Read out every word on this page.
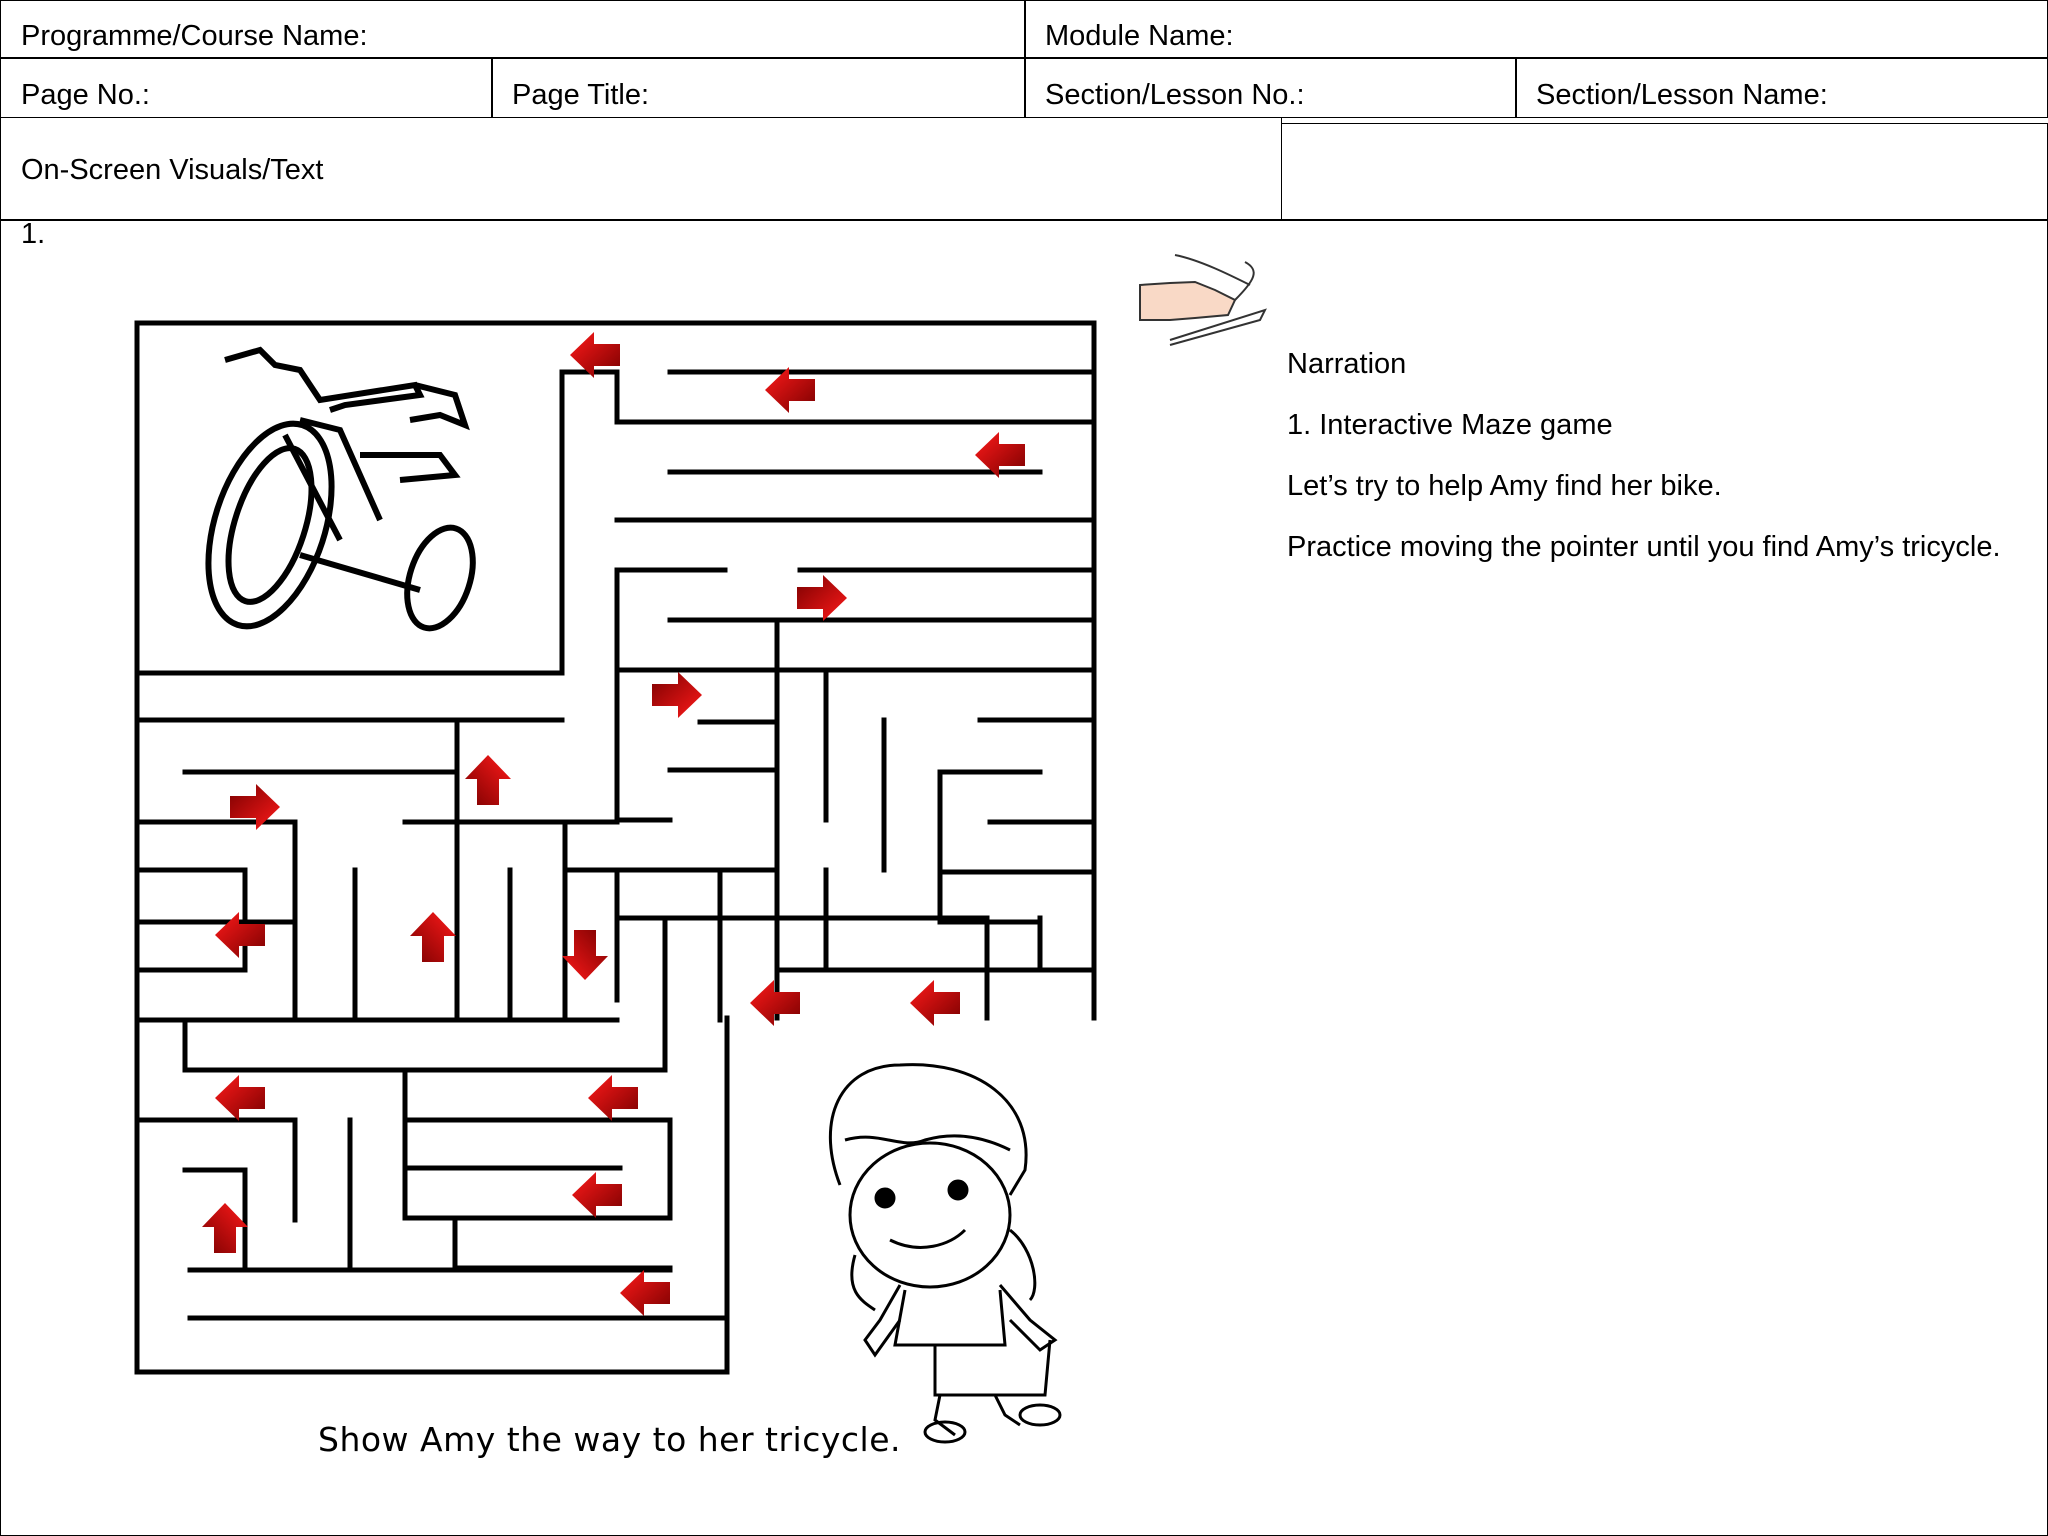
Programme/Course Name:	Module Name:
Page No.:	Page Title:	Section/Lesson No.:	Section/Lesson Name:
On-Screen Visuals/Text
1.
Show Amy the way to her tricycle.
Narration
1. Interactive Maze game
Let’s try to help Amy find her bike.
Practice moving the pointer until you find Amy’s tricycle.
